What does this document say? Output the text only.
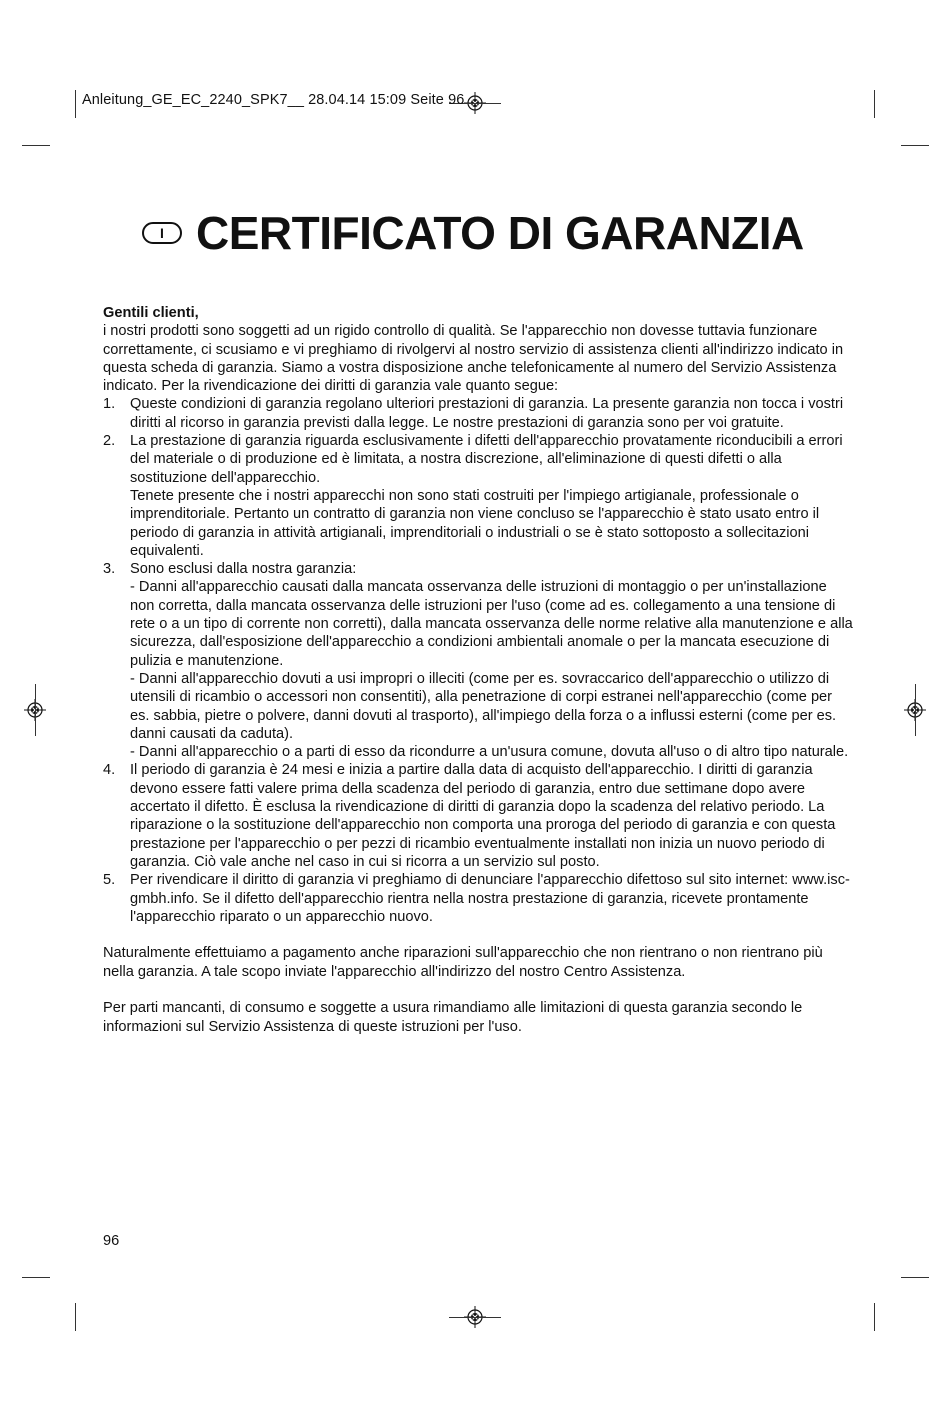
Anleitung_GE_EC_2240_SPK7__ 28.04.14 15:09 Seite 96
I CERTIFICATO DI GARANZIA

Gentili clienti,

i nostri prodotti sono soggetti ad un rigido controllo di qualità. Se l'apparecchio non dovesse tuttavia funzionare correttamente, ci scusiamo e vi preghiamo di rivolgervi al nostro servizio di assistenza clienti all'indirizzo indicato in questa scheda di garanzia. Siamo a vostra disposizione anche telefonicamente al numero del Servizio Assistenza indicato. Per la rivendicazione dei diritti di garanzia vale quanto segue:

1.	Queste condizioni di garanzia regolano ulteriori prestazioni di garanzia. La presente garanzia non tocca i vostri diritti al ricorso in garanzia previsti dalla legge. Le nostre prestazioni di garanzia sono per voi gratuite.

2.	La prestazione di garanzia riguarda esclusivamente i difetti dell'apparecchio provatamente riconducibili a errori del materiale o di produzione ed è limitata, a nostra discrezione, all'eliminazione di questi difetti o alla sostituzione dell'apparecchio.

Tenete presente che i nostri apparecchi non sono stati costruiti per l'impiego artigianale, professionale o imprenditoriale. Pertanto un contratto di garanzia non viene concluso se l'apparecchio è stato usato entro il periodo di garanzia in attività artigianali, imprenditoriali o industriali o se è stato sottoposto a sollecitazioni equivalenti.

3.	Sono esclusi dalla nostra garanzia:

- Danni all'apparecchio causati dalla mancata osservanza delle istruzioni di montaggio o per un'installazione non corretta, dalla mancata osservanza delle istruzioni per l'uso (come ad es. collegamento a una tensione di rete o a un tipo di corrente non corretti), dalla mancata osservanza delle norme relative alla manutenzione e alla sicurezza, dall'esposizione dell'apparecchio a condizioni ambientali anomale o per la mancata esecuzione di pulizia e manutenzione.

- Danni all'apparecchio dovuti a usi impropri o illeciti (come per es. sovraccarico dell'apparecchio o utilizzo di utensili di ricambio o accessori non consentiti), alla penetrazione di corpi estranei nell'apparecchio (come per es. sabbia, pietre o polvere, danni dovuti al trasporto), all'impiego della forza o a influssi esterni (come per es. danni causati da caduta).

- Danni all'apparecchio o a parti di esso da ricondurre a un'usura comune, dovuta all'uso o di altro tipo naturale.

4.	Il periodo di garanzia è 24 mesi e inizia a partire dalla data di acquisto dell'apparecchio. I diritti di garanzia devono essere fatti valere prima della scadenza del periodo di garanzia, entro due settimane dopo avere accertato il difetto. È esclusa la rivendicazione di diritti di garanzia dopo la scadenza del relativo periodo. La riparazione o la sostituzione dell'apparecchio non comporta una proroga del periodo di garanzia e con questa prestazione per l'apparecchio o per pezzi di ricambio eventualmente installati non inizia un nuovo periodo di garanzia. Ciò vale anche nel caso in cui si ricorra a un servizio sul posto.

5.	Per rivendicare il diritto di garanzia vi preghiamo di denunciare l'apparecchio difettoso sul sito internet: www.isc-gmbh.info. Se il difetto dell'apparecchio rientra nella nostra prestazione di garanzia, ricevete prontamente l'apparecchio riparato o un apparecchio nuovo.

Naturalmente effettuiamo a pagamento anche riparazioni sull'apparecchio che non rientrano o non rientrano più nella garanzia. A tale scopo inviate l'apparecchio all'indirizzo del nostro Centro Assistenza.

Per parti mancanti, di consumo e soggette a usura rimandiamo alle limitazioni di questa garanzia secondo le informazioni sul Servizio Assistenza di queste istruzioni per l'uso.

96
